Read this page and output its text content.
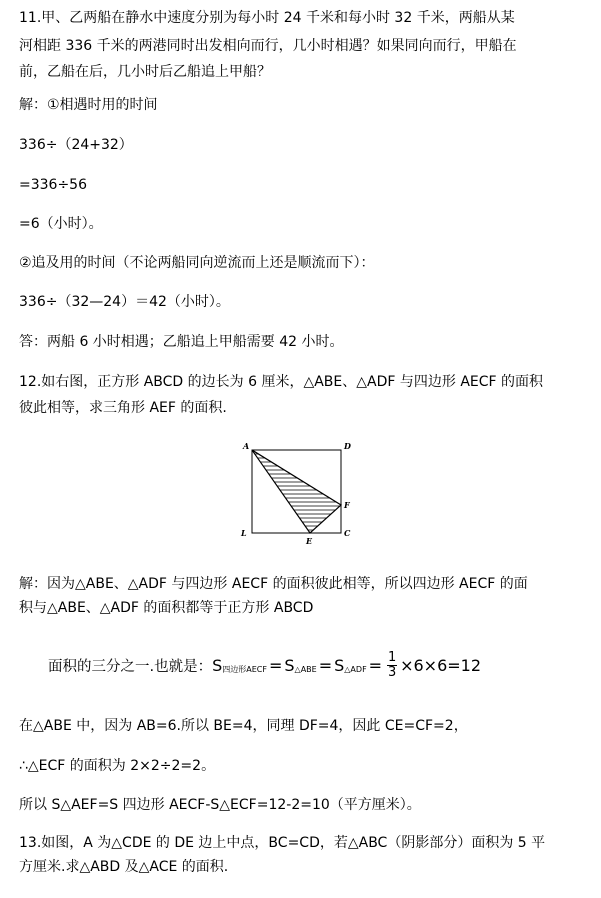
11.甲、乙两船在静水中速度分别为每小时 24 千米和每小时 32 千米，两船从某
河相距 336 千米的两港同时出发相向而行，几小时相遇？如果同向而行，甲船在
前，乙船在后，几小时后乙船追上甲船？
解：①相遇时用的时间
336÷（24+32）
=336÷56
=6（小时）。
②追及用的时间（不论两船同向逆流而上还是顺流而下）：
336÷（32—24）＝42（小时）。
答：两船 6 小时相遇；乙船追上甲船需要 42 小时。
12.如右图，正方形 ABCD 的边长为 6 厘米，△ABE、△ADF 与四边形 AECF 的面积
彼此相等，求三角形 AEF 的面积.
A	D
F
L
E
C
解：因为△ABE、△ADF 与四边形 AECF 的面积彼此相等，所以四边形 AECF 的面
积与△ABE、△ADF 的面积都等于正方形 ABCD
面积的三分之一.也就是： S 四边形AECF = S △ABE = S △ADF = $\frac{1}{3} \times 6\times 6=12$
在△ABE 中，因为 AB=6.所以 BE=4，同理 DF=4，因此 CE=CF=2，
∴△ECF 的面积为 2×2÷2=2。
所以 S△AEF=S 四边形 AECF-S△ECF=12-2=10（平方厘米）。
13.如图，A 为△CDE 的 DE 边上中点，BC=CD，若△ABC（阴影部分）面积为 5 平
方厘米.求△ABD 及△ACE 的面积.
